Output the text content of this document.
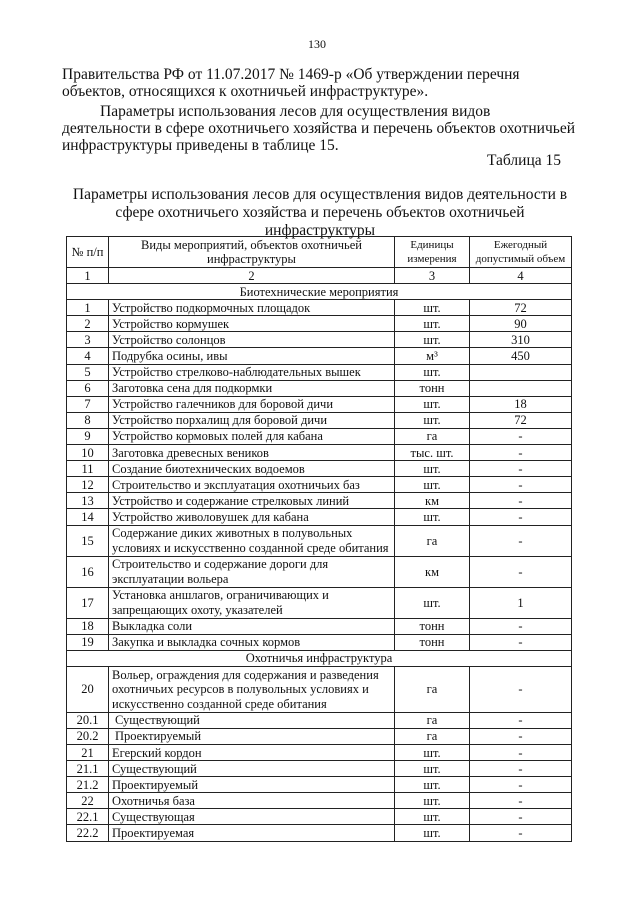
130

Правительства РФ от 11.07.2017 № 1469-р «Об утверждении перечня объектов, относящихся к охотничьей инфраструктуре».

Параметры использования лесов для осуществления видов деятельности в сфере охотничьего хозяйства и перечень объектов охотничьей инфраструктуры приведены в таблице 15.

Таблица 15
Параметры использования лесов для осуществления видов деятельности в сфере охотничьего хозяйства и перечень объектов охотничьей инфраструктуры
№ п/п	Виды мероприятий, объектов охотничьей инфраструктуры	Единицы измерения	Ежегодный допустимый объем
1	2	3	4
Биотехнические мероприятия			
1	Устройство подкормочных площадок	шт.	72
2	Устройство кормушек	шт.	90
3	Устройство солонцов	шт.	310
4	Подрубка осины, ивы	м³	450
5	Устройство стрелково-наблюдательных вышек	шт.	
6	Заготовка сена для подкормки	тонн	
7	Устройство галечников для боровой дичи	шт.	18
8	Устройство порхалищ для боровой дичи	шт.	72
9	Устройство кормовых полей для кабана	га	-
10	Заготовка древесных веников	тыс. шт.	-
11	Создание биотехнических водоемов	шт.	-
12	Строительство и эксплуатация охотничьих баз	шт.	-
13	Устройство и содержание стрелковых линий	км	-
14	Устройство живоловушек для кабана	шт.	-
15	Содержание диких животных в полувольных условиях и искусственно созданной среде обитания	га	-
16	Строительство и содержание дороги для эксплуатации вольера	км	-
17	Установка аншлагов, ограничивающих и запрещающих охоту, указателей	шт.	1
18	Выкладка соли	тонн	-
19	Закупка и выкладка сочных кормов	тонн	-
Охотничья инфраструктура			
20	Вольер, ограждения для содержания и разведения охотничьих ресурсов в полувольных условиях и искусственно созданной среде обитания	га	-
20.1	Существующий	га	-
20.2	Проектируемый	га	-
21	Егерский кордон	шт.	-
21.1	Существующий	шт.	-
21.2	Проектируемый	шт.	-
22	Охотничья база	шт.	-
22.1	Существующая	шт.	-
22.2	Проектируемая	шт.	-
